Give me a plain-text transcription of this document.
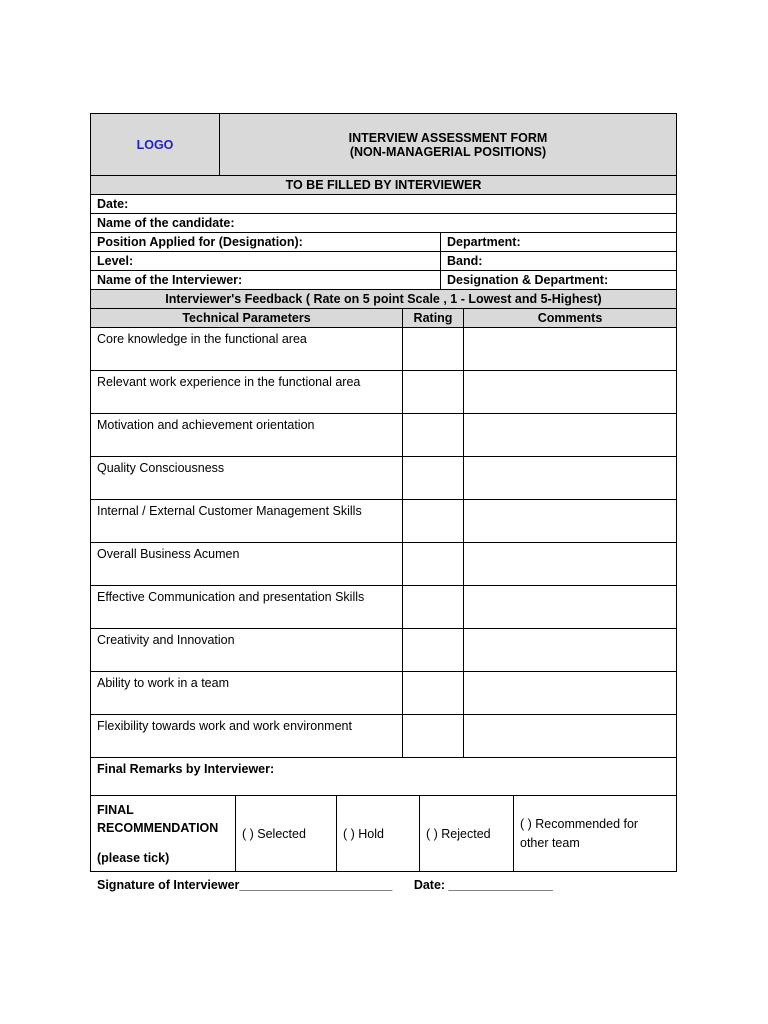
LOGO	INTERVIEW ASSESSMENT FORM
(NON-MANAGERIAL POSITIONS)
TO BE FILLED BY INTERVIEWER	
Date:	
Name of the candidate:	
Position Applied for (Designation):	Department:
Level:	Band:
Name of the Interviewer:	Designation & Department:
Interviewer's Feedback ( Rate on 5 point Scale , 1 - Lowest and 5-Highest)	
Technical Parameters	Rating	Comments
Core knowledge in the functional area		
Relevant work experience in the functional area		
Motivation and achievement orientation		
Quality Consciousness		
Internal / External Customer Management Skills		
Overall Business Acumen		
Effective Communication and presentation Skills		
Creativity and Innovation		
Ability to work in a team		
Flexibility towards work and work environment		
Final Remarks by Interviewer:		
FINAL
RECOMMENDATION
(please tick)
	( ) Selected	( ) Hold	( ) Rejected	( ) Recommended for other team
Signature of Interviewer______________________ Date: _______________
